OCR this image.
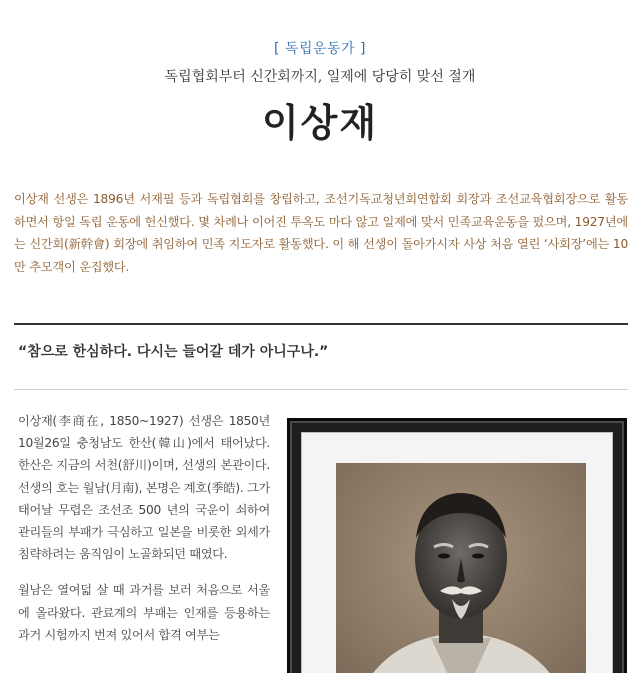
[ 독립운동가 ]
독립협회부터 신간회까지, 일제에 당당히 맞선 절개
이상재

이상재 선생은 1896년 서재필 등과 독립협회를 창립하고, 조선기독교청년회연합회 회장과 조선교육협회장으로 활동하면서 항일 독립 운동에 헌신했다. 몇 차례나 이어진 투옥도 마다 않고 일제에 맞서 민족교육운동을 펐으며, 1927년에는 신간회(新幹會) 회장에 취임하여 민족 지도자로 활동했다. 이 해 선생이 돌아가시자 사상 처음 열린 ‘사회장’에는 10만 추모객이 운집했다.

“참으로 한심하다. 다시는 들어갈 데가 아니구나.”

이상재(李商在, 1850~1927) 선생은 1850년 10월26일 충청남도 한산(韓山)에서 태어났다. 한산은 지금의 서천(舒川)이며, 선생의 본관이다. 선생의 호는 월남(月南), 본명은 계호(季皓). 그가 태어날 무렵은 조선조 500 년의 국운이 쇠하여 관리들의 부패가 극심하고 일본을 비롯한 외세가 침략하려는 움직임이 노골화되던 때였다.

월남은 열여덟 살 때 과거를 보러 처음으로 서울에 올라왔다. 관료계의 부패는 인재를 등용하는 과거 시험까지 번져 있어서 합격 여부는
